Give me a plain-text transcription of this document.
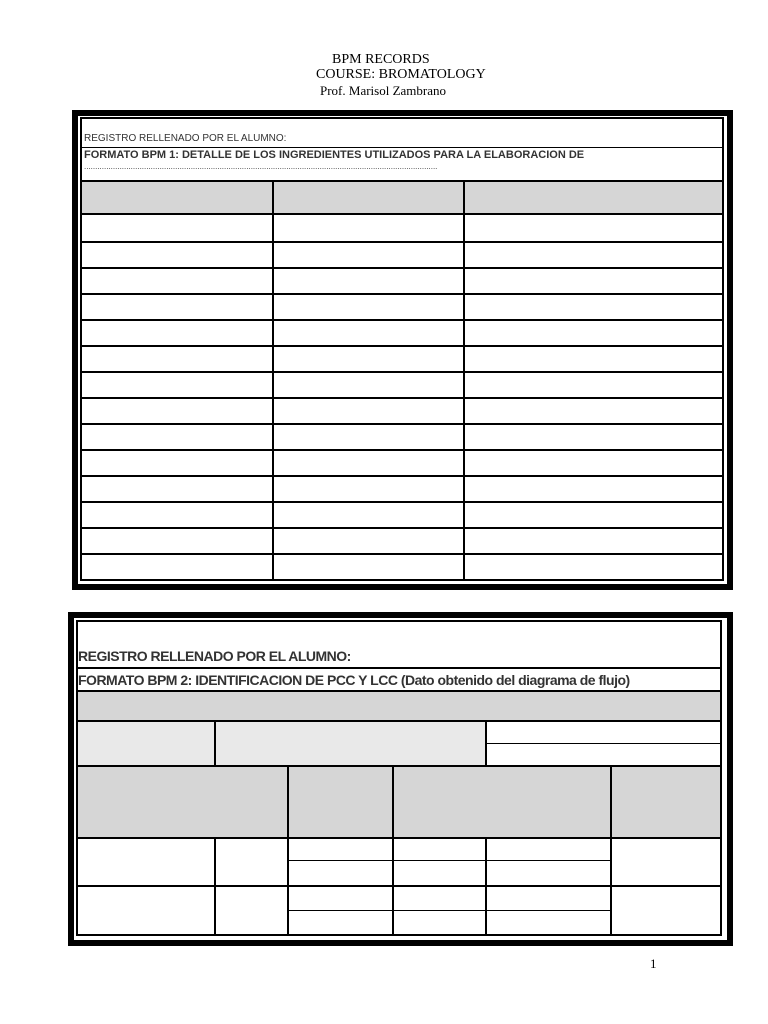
BPM RECORDS
COURSE: BROMATOLOGY
Prof. Marisol Zambrano
REGISTRO RELLENADO POR EL ALUMNO:
FORMATO BPM 1: DETALLE DE LOS INGREDIENTES UTILIZADOS PARA LA ELABORACION DE
...............................................................................................................................................................
REGISTRO RELLENADO POR EL ALUMNO:
FORMATO BPM 2: IDENTIFICACION DE PCC Y LCC (Dato obtenido del diagrama de flujo)
1
